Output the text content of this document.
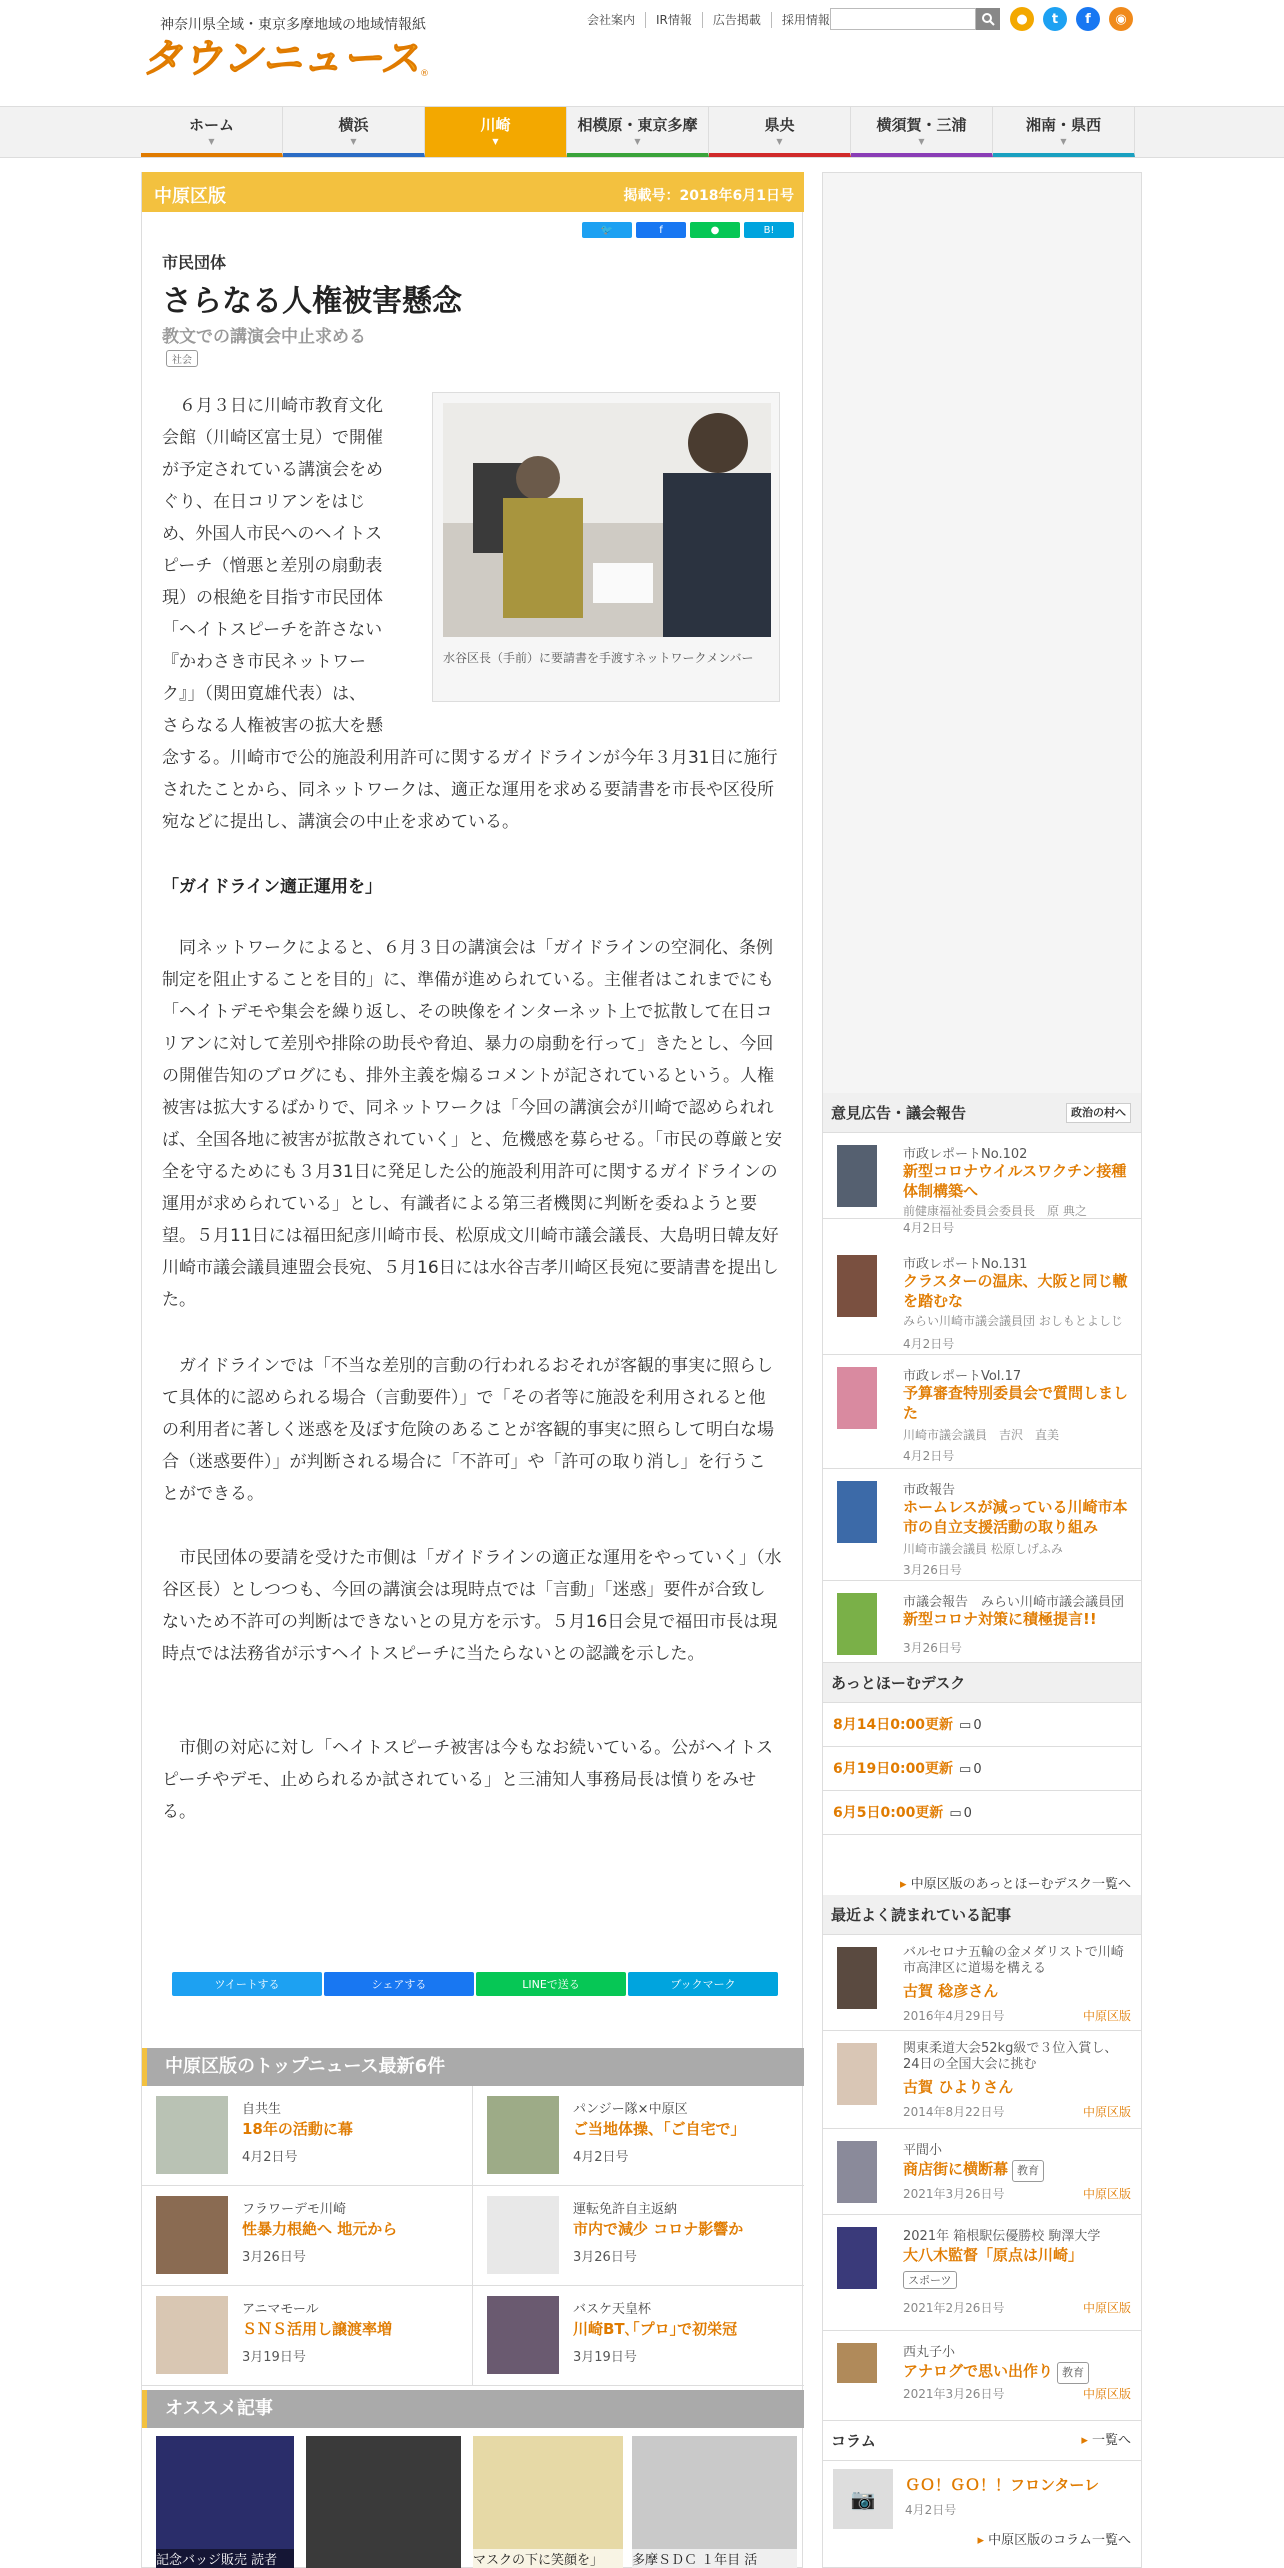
神奈川県全域・東京多摩地域の地域情報紙
タウンニュース ®
会社案内	IR情報	広告掲載	採用情報	●	t	f	◉
ホーム
▼
横浜
▼
川崎
▼
相模原・東京多摩
▼
県央
▼
横須賀・三浦
▼
湘南・県西
▼
中原区版	掲載号：2018年6月1日号
🐦	f	●	B!
市民団体
さらなる人権被害懸念
教文での講演会中止求める
社会
水谷区長（手前）に要請書を手渡すネットワークメンバー
６月３日に川崎市教育文化
会館（川崎区富士見）で開催
が予定されている講演会をめ
ぐり、在日コリアンをはじ
め、外国人市民へのヘイトス
ピーチ（憎悪と差別の扇動表
現）の根絶を目指す市民団体
「ヘイトスピーチを許さない
『かわさき市民ネットワー
ク』」（関田寛雄代表）は、
さらなる人権被害の拡大を懸
念する。川崎市で公的施設利用許可に関するガイドラインが今年３月31日に施行されたことから、同ネットワークは、適正な運用を求める要請書を市長や区役所宛などに提出し、講演会の中止を求めている。
「ガイドライン適正運用を」
同ネットワークによると、６月３日の講演会は「ガイドラインの空洞化、条例制定を阻止することを目的」に、準備が進められている。主催者はこれまでにも「ヘイトデモや集会を繰り返し、その映像をインターネット上で拡散して在日コリアンに対して差別や排除の助長や脅迫、暴力の扇動を行って」きたとし、今回の開催告知のブログにも、排外主義を煽るコメントが記されているという。人権被害は拡大するばかりで、同ネットワークは「今回の講演会が川崎で認められれば、全国各地に被害が拡散されていく」と、危機感を募らせる。「市民の尊厳と安全を守るためにも３月31日に発足した公的施設利用許可に関するガイドラインの運用が求められている」とし、有識者による第三者機関に判断を委ねようと要望。５月11日には福田紀彦川崎市長、松原成文川崎市議会議長、大島明日韓友好川崎市議会議員連盟会長宛、５月16日には水谷吉孝川崎区長宛に要請書を提出した。
ガイドラインでは「不当な差別的言動の行われるおそれが客観的事実に照らして具体的に認められる場合（言動要件）」で「その者等に施設を利用されると他の利用者に著しく迷惑を及ぼす危険のあることが客観的事実に照らして明白な場合（迷惑要件）」が判断される場合に「不許可」や「許可の取り消し」を行うことができる。
市民団体の要請を受けた市側は「ガイドラインの適正な運用をやっていく」（水谷区長）としつつも、今回の講演会は現時点では「言動」「迷惑」要件が合致しないため不許可の判断はできないとの見方を示す。５月16日会見で福田市長は現時点では法務省が示すヘイトスピーチに当たらないとの認識を示した。
市側の対応に対し「ヘイトスピーチ被害は今もなお続いている。公がヘイトスピーチやデモ、止められるか試されている」と三浦知人事務局長は憤りをみせる。
ツイートする	シェアする	LINEで送る	ブックマーク
中原区版のトップニュース最新6件
自共生
18年の活動に幕
4月2日号
パンジー隊×中原区
ご当地体操、「ご自宅で」
4月2日号
フラワーデモ川崎
性暴力根絶へ 地元から
3月26日号
運転免許自主返納
市内で減少 コロナ影響か
3月26日号
アニマモール
ＳＮＳ活用し譲渡率増
3月19日号
バスケ天皇杯
川崎BT､｢プロ｣で初栄冠
3月19日号
オススメ記事
記念バッジ販売 読者	マスクの下に笑顔を」	多摩ＳＤＣ １年目 活
意見広告・議会報告	政治の村へ
市政レポートNo.102
新型コロナウイルスワクチン接種体制構築へ
前健康福祉委員会委員長　原 典之
4月2日号
市政レポートNo.131
クラスターの温床、大阪と同じ轍を踏むな
みらい川崎市議会議員団 おしもとよしじ
4月2日号
市政レポートVol.17
予算審査特別委員会で質問しました
川崎市議会議員　吉沢　直美
4月2日号
市政報告
ホームレスが減っている川崎市本市の自立支援活動の取り組み
川崎市議会議員 松原しげふみ
3月26日号
市議会報告　みらい川崎市議会議員団
新型コロナ対策に積極提言!!
3月26日号
あっとほーむデスク
8月14日0:00更新 ▭ 0
6月19日0:00更新 ▭ 0
6月5日0:00更新 ▭ 0
▸ 中原区版のあっとほーむデスク一覧へ
最近よく読まれている記事
バルセロナ五輪の金メダリストで川崎市高津区に道場を構える
古賀 稔彦さん
2016年4月29日号	中原区版
関東柔道大会52kg級で３位入賞し、24日の全国大会に挑む
古賀 ひよりさん
2014年8月22日号	中原区版
平間小
商店街に横断幕 教育
2021年3月26日号	中原区版
2021年 箱根駅伝優勝校 駒澤大学
大八木監督「原点は川崎」
スポーツ
2021年2月26日号	中原区版
西丸子小
アナログで思い出作り 教育
2021年3月26日号	中原区版
コラム	▸ 一覧へ
📷
ＧＯ！ＧＯ！！フロンターレ
4月2日号
▸ 中原区版のコラム一覧へ
